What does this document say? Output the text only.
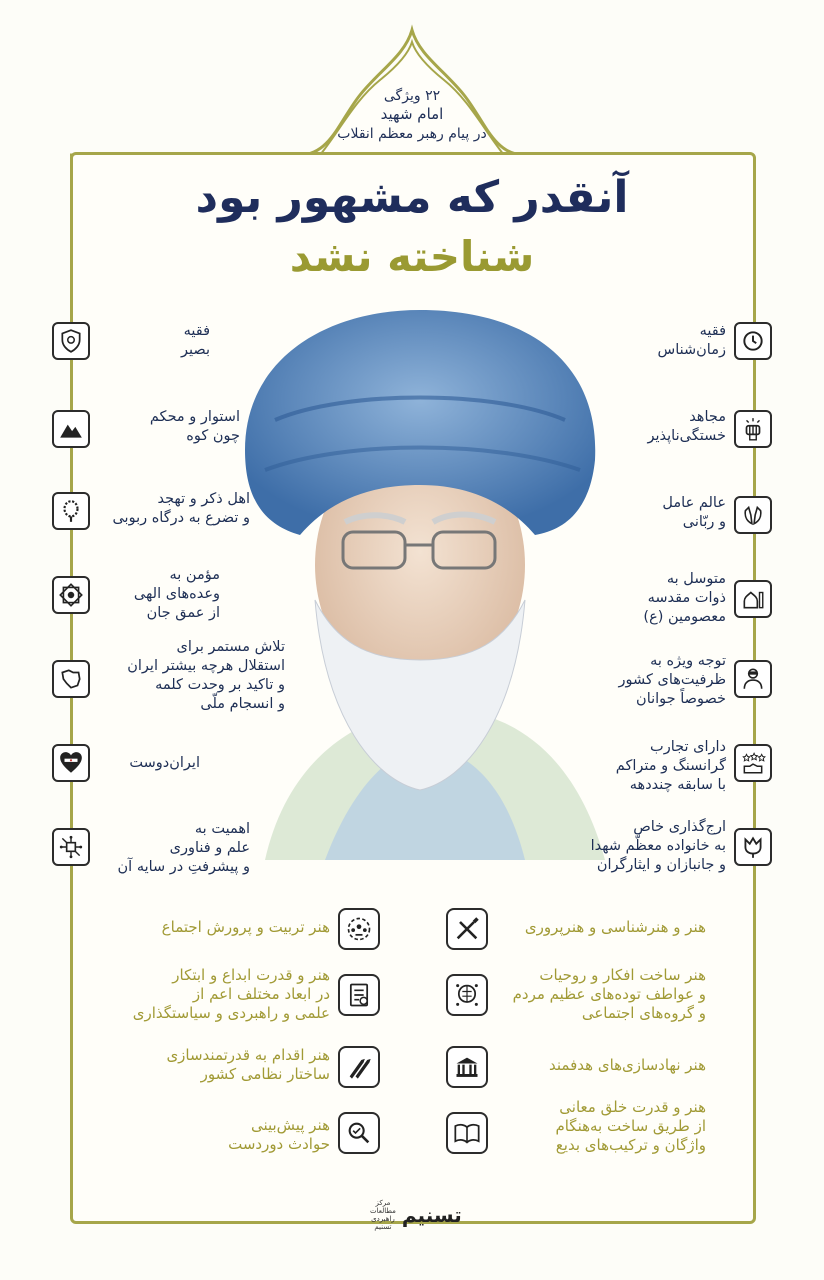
۲۲ ویژگی
امام شهید
در پیام رهبر معظم انقلاب
آنقدر که مشهور بود
شناخته نشد
فقیه
بصیر
استوار و محکم
چون کوه
اهل ذکر و تهجد
و تضرع به درگاه ربوبی
مؤمن به
وعده‌های الهی
از عمق جان
تلاش مستمر برای
استقلال هرچه بیشتر ایران
و تاکید بر وحدت کلمه
و انسجام ملّی
ایران‌دوست
اهمیت به
علم و فناوری
و پیشرفتِ در سایه آن
فقیه
زمان‌شناس
مجاهد
خستگی‌ناپذیر
عالم عامل
و ربّانی
متوسل به
ذوات مقدسه
معصومین (ع)
توجه ویژه به
ظرفیت‌های کشور
خصوصاً جوانان
دارای تجارب
گرانسنگ و متراکم
با سابقه چنددهه
ارج‌گذاری خاص
به خانواده معظّم شهدا
و جانبازان و ایثارگران
هنر تربیت و پرورش اجتماع
هنر و قدرت ابداع و ابتکار
در ابعاد مختلف اعم از
علمی و راهبردی و سیاستگذاری
هنر اقدام به قدرتمندسازی
ساختار نظامی کشور
هنر پیش‌بینی
حوادث دوردست
هنر و هنرشناسی و هنرپروری
هنر ساخت افکار و روحیات
و عواطف توده‌های عظیم مردم
و گروه‌های اجتماعی
هنر نهادسازی‌های هدفمند
هنر و قدرت خلق معانی
از طریق ساخت به‌هنگام
واژگان و ترکیب‌های بدیع
مرکز
مطالعات
راهبردی
تسنیم تسنیم
